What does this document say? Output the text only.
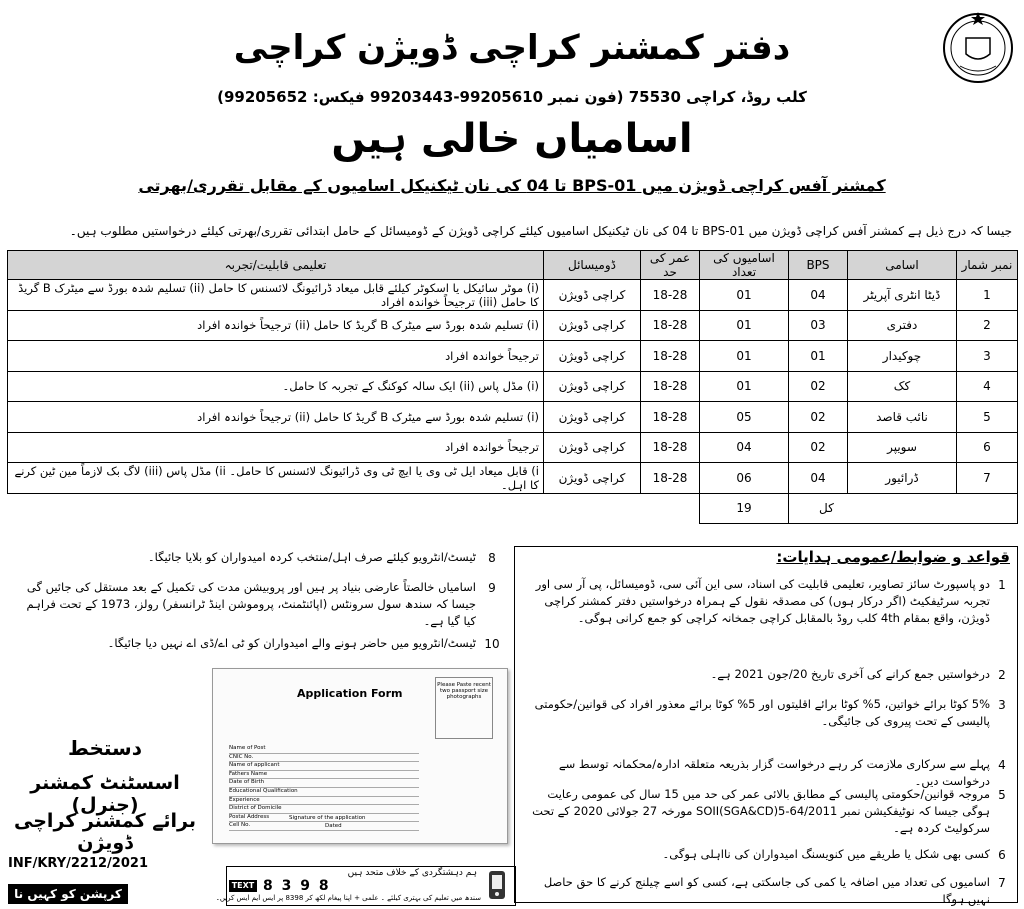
دفتر کمشنر کراچی ڈویژن کراچی
کلب روڈ، کراچی 75530 (فون نمبر 99205610-99203443 فیکس: 99205652)
اسامیاں خالی ہیں
کمشنر آفس کراچی ڈویژن میں BPS-01 تا 04 کی نان ٹیکنیکل اسامیوں کے مقابل تقرری/بھرتی
جیسا کہ درج ذیل ہے کمشنر آفس کراچی ڈویژن میں BPS-01 تا 04 کی نان ٹیکنیکل اسامیوں کیلئے کراچی ڈویژن کے ڈومیسائل کے حامل ابتدائی تقرری/بھرتی کیلئے درخواستیں مطلوب ہیں۔
نمبر شمار	اسامی	BPS	اسامیوں کی تعداد	عمر کی حد	ڈومیسائل	تعلیمی قابلیت/تجربہ
1	ڈیٹا انٹری آپریٹر	04	01	18-28	کراچی ڈویژن	(i) موٹر سائیکل یا اسکوٹر کیلئے قابل میعاد ڈرائیونگ لائسنس کا حامل (ii) تسلیم شدہ بورڈ سے میٹرک B گریڈ کا حامل (iii) ترجیحاً خواندہ افراد
2	دفتری	03	01	18-28	کراچی ڈویژن	(i) تسلیم شدہ بورڈ سے میٹرک B گریڈ کا حامل (ii) ترجیحاً خواندہ افراد
3	چوکیدار	01	01	18-28	کراچی ڈویژن	ترجیحاً خواندہ افراد
4	کک	02	01	18-28	کراچی ڈویژن	(i) مڈل پاس (ii) ایک سالہ کوکنگ کے تجربہ کا حامل۔
5	نائب قاصد	02	05	18-28	کراچی ڈویژن	(i) تسلیم شدہ بورڈ سے میٹرک B گریڈ کا حامل (ii) ترجیحاً خواندہ افراد
6	سویپر	02	04	18-28	کراچی ڈویژن	ترجیحاً خواندہ افراد
7	ڈرائیور	04	06	18-28	کراچی ڈویژن	i) قابل میعاد ایل ٹی وی یا ایچ ٹی وی ڈرائیونگ لائسنس کا حامل۔ ii) مڈل پاس (iii) لاگ بک لازماً مین ٹین کرنے کا اہل۔
کل			19			
قواعد و ضوابط/عمومی ہدایات:
1
دو پاسپورٹ سائز تصاویر، تعلیمی قابلیت کی اسناد، سی این آئی سی، ڈومیسائل، پی آر سی اور تجربہ سرٹیفکیٹ (اگر درکار ہوں) کی مصدقہ نقول کے ہمراہ درخواستیں دفتر کمشنر کراچی ڈویژن، واقع بمقام 4th کلب روڈ بالمقابل کراچی جمخانہ کراچی کو جمع کرانی ہوگی۔
2
درخواستیں جمع کرانے کی آخری تاریخ 20/جون 2021 ہے۔
3
5% کوٹا برائے خواتین، 5% کوٹا برائے اقلیتوں اور 5% کوٹا برائے معذور افراد کی قوانین/حکومتی پالیسی کے تحت پیروی کی جائیگی۔
4
پہلے سے سرکاری ملازمت کر رہے درخواست گزار بذریعہ متعلقہ ادارہ/محکمانہ توسط سے درخواست دیں۔
5
مروجہ قوانین/حکومتی پالیسی کے مطابق بالائی عمر کی حد میں 15 سال کی عمومی رعایت ہوگی جیسا کہ نوٹیفکیشن نمبر SOII(SGA&CD)5-64/2011 مورخہ 27 جولائی 2020 کے تحت سرکولیٹ کردہ ہے۔
6
کسی بھی شکل یا طریقے میں کنویسنگ امیدواران کی نااہلی ہوگی۔
7
اسامیوں کی تعداد میں اضافہ یا کمی کی جاسکتی ہے، کسی کو اسے چیلنج کرنے کا حق حاصل نہیں ہوگا۔
8
ٹیسٹ/انٹرویو کیلئے صرف اہل/منتخب کردہ امیدواران کو بلایا جائیگا۔
9
اسامیاں خالصتاً عارضی بنیاد پر ہیں اور پروبیشن مدت کی تکمیل کے بعد مستقل کی جائیں گی جیسا کہ سندھ سول سرونٹس (اپائنٹمنٹ، پروموشن اینڈ ٹرانسفر) رولز، 1973 کے تحت فراہم کیا گیا ہے۔
10
ٹیسٹ/انٹرویو میں حاضر ہونے والے امیدواران کو ٹی اے/ڈی اے نہیں دیا جائیگا۔
دستخط
اسسٹنٹ کمشنر (جنرل)
برائے کمشنر کراچی ڈویژن
INF/KRY/2212/2021
Application Form
Please Paste recent two passport size photographs
Name of Post
CNIC No.
Name of applicant
Fathers Name
Date of Birth
Educational Qualification
Experience
District of Domicile
Postal Address
Cell No.
Signature of the application
Dated
ہم دہشتگردی کے خلاف متحد ہیں
TEXT 8 3 9 8
سندھ میں تعلیم کی بہتری کیلئے ۔ علمی + اپنا پیغام لکھ کر 8398 پر ایس ایم ایس کریں۔
کرپشن کو کہیں نا
